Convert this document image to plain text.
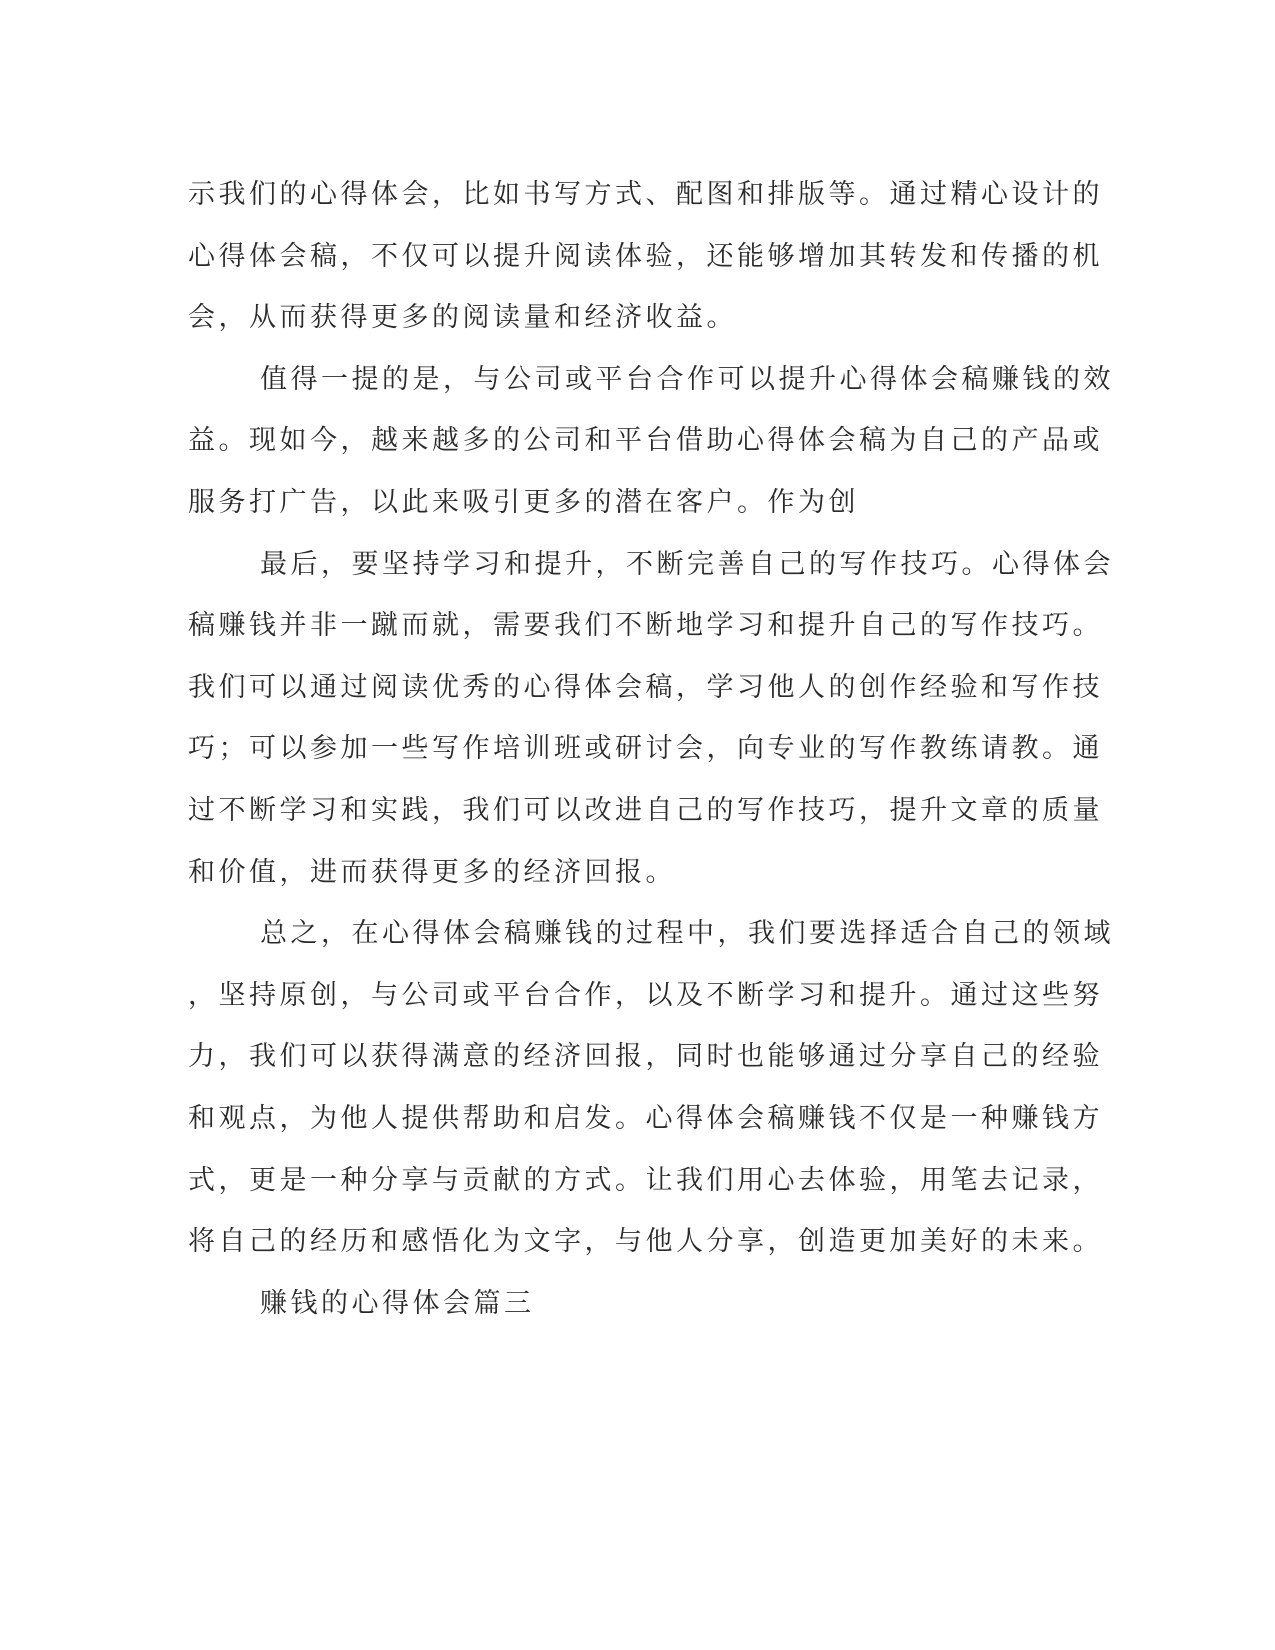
示我们的心得体会，比如书写方式、配图和排版等。通过精心设计的
心得体会稿，不仅可以提升阅读体验，还能够增加其转发和传播的机
会，从而获得更多的阅读量和经济收益。

值得一提的是，与公司或平台合作可以提升心得体会稿赚钱的效
益。现如今，越来越多的公司和平台借助心得体会稿为自己的产品或
服务打广告，以此来吸引更多的潜在客户。作为创

最后，要坚持学习和提升，不断完善自己的写作技巧。心得体会
稿赚钱并非一蹴而就，需要我们不断地学习和提升自己的写作技巧。
我们可以通过阅读优秀的心得体会稿，学习他人的创作经验和写作技
巧；可以参加一些写作培训班或研讨会，向专业的写作教练请教。通
过不断学习和实践，我们可以改进自己的写作技巧，提升文章的质量
和价值，进而获得更多的经济回报。

总之，在心得体会稿赚钱的过程中，我们要选择适合自己的领域
，坚持原创，与公司或平台合作，以及不断学习和提升。通过这些努
力，我们可以获得满意的经济回报，同时也能够通过分享自己的经验
和观点，为他人提供帮助和启发。心得体会稿赚钱不仅是一种赚钱方
式，更是一种分享与贡献的方式。让我们用心去体验，用笔去记录，
将自己的经历和感悟化为文字，与他人分享，创造更加美好的未来。

赚钱的心得体会篇三
